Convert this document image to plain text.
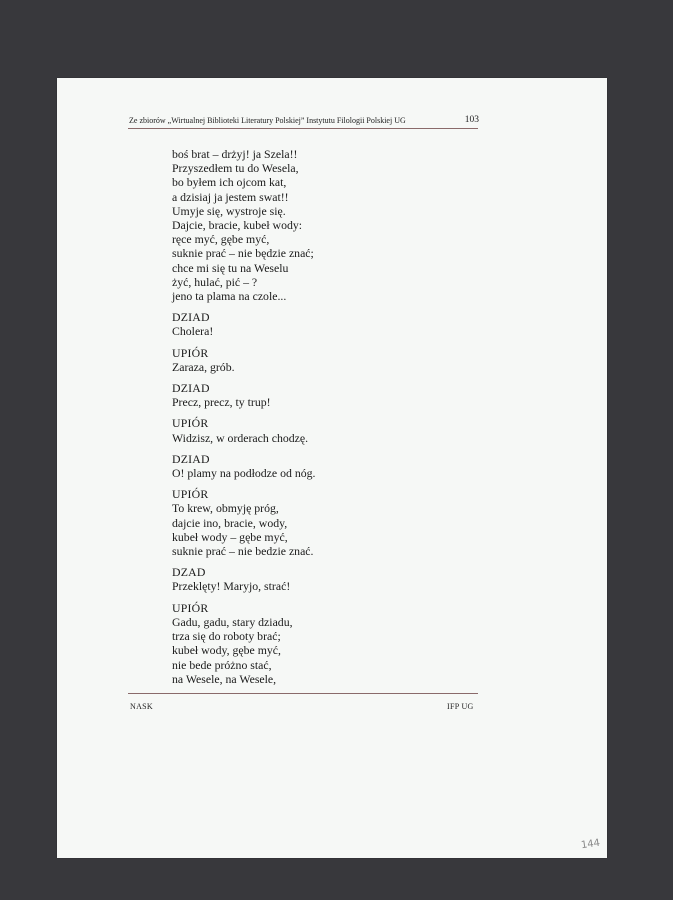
Ze zbiorów „Wirtualnej Biblioteki Literatury Polskiej” Instytutu Filologii Polskiej UG	103
boś brat – drżyj! ja Szela!!
Przyszedłem tu do Wesela,
bo byłem ich ojcom kat,
a dzisiaj ja jestem swat!!
Umyje się, wystroje się.
Dajcie, bracie, kubeł wody:
ręce myć, gębe myć,
suknie prać – nie będzie znać;
chce mi się tu na Weselu
żyć, hulać, pić – ?
jeno ta plama na czole...
DZIAD
Cholera!
UPIÓR
Zaraza, grób.
DZIAD
Precz, precz, ty trup!
UPIÓR
Widzisz, w orderach chodzę.
DZIAD
O! plamy na podłodze od nóg.
UPIÓR
To krew, obmyję próg,
dajcie ino, bracie, wody,
kubeł wody – gębe myć,
suknie prać – nie bedzie znać.
DZAD
Przeklęty! Maryjo, strać!
UPIÓR
Gadu, gadu, stary dziadu,
trza się do roboty brać;
kubeł wody, gębe myć,
nie bede próżno stać,
na Wesele, na Wesele,
NASK	IFP UG
144
